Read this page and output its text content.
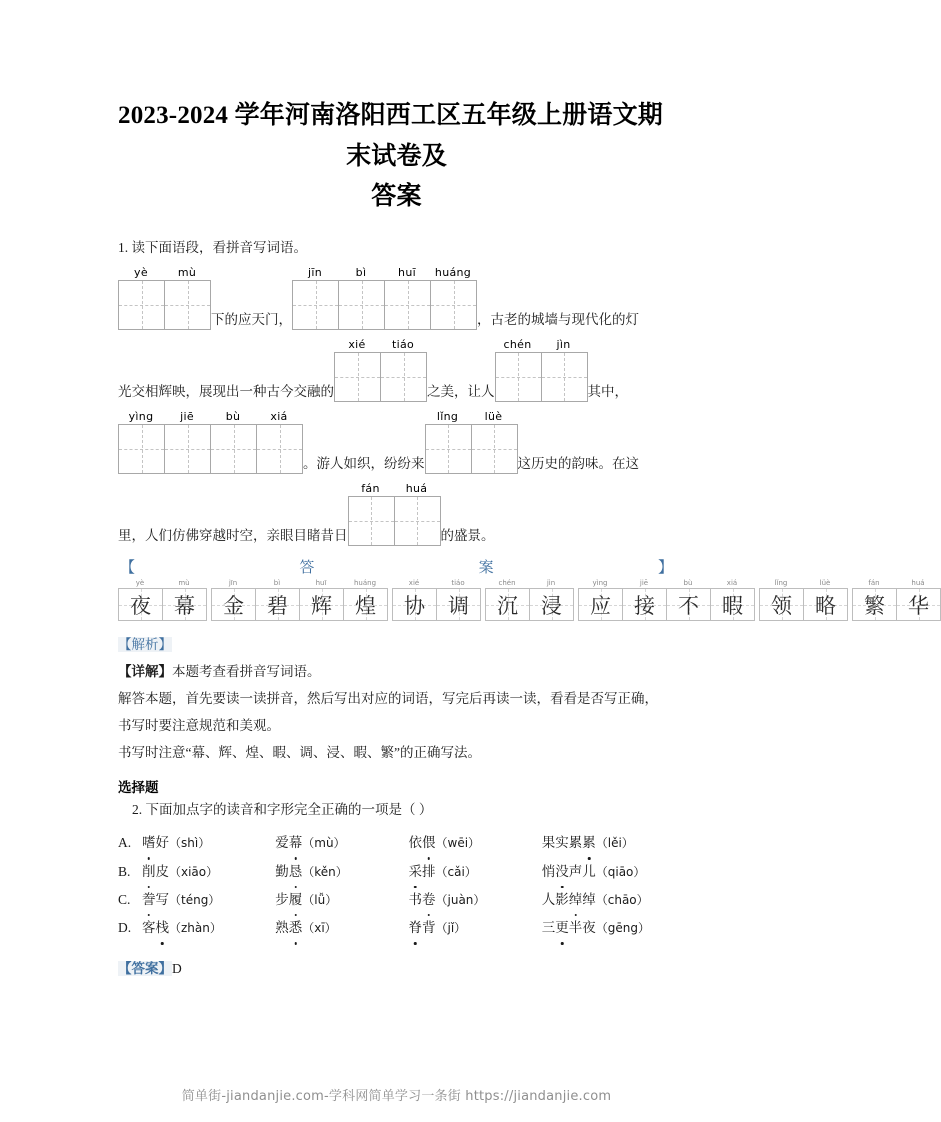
2023-2024 学年河南洛阳西工区五年级上册语文期末试卷及
答案

1. 读下面语段，看拼音写词语。

yè	mù
下的应天门，
jīn	bì	huī	huáng
，古老的城墙与现代化的灯
光交相辉映，展现出一种古今交融的
xié	tiáo
之美，让人
chén	jìn
其中，
yìng	jiē	bù	xiá
。游人如织，纷纷来
lǐng	lüè
这历史的韵味。在这
里，人们仿佛穿越时空，亲眼目睹昔日
fán	huá
的盛景。
【	答	案	】
yè	mù
夜 幕
jīn	bì	huī	huáng
金 碧 辉 煌
xié	tiáo
协 调
chén	jìn
沉 浸
yìng	jiē	bù	xiá
应 接 不 暇
lǐng	lüè
领 略
fán	huá
繁 华

【解析】

【详解】本题考查看拼音写词语。

解答本题，首先要读一读拼音，然后写出对应的词语，写完后再读一读，看看是否写正确，

书写时要注意规范和美观。

书写时注意“幕、辉、煌、暇、调、浸、暇、繁”的正确写法。

选择题

2. 下面加点字的读音和字形完全正确的一项是（ ）

A. 嗜好（shì）	爱幕（mù）	依偎（wēi）	果实累累（lěi）
B. 削皮（xiāo）	勤恳（kěn）	采排（cǎi）	悄没声儿（qiāo）
C. 誊写（téng）	步履（lǚ）	书卷（juàn）	人影绰绰（chāo）
D. 客栈（zhàn）	熟悉（xī）	脊背（jǐ）	三更半夜（gēng）

【答案】D

简单街-jiandanjie.com-学科网简单学习一条街 https://jiandanjie.com
